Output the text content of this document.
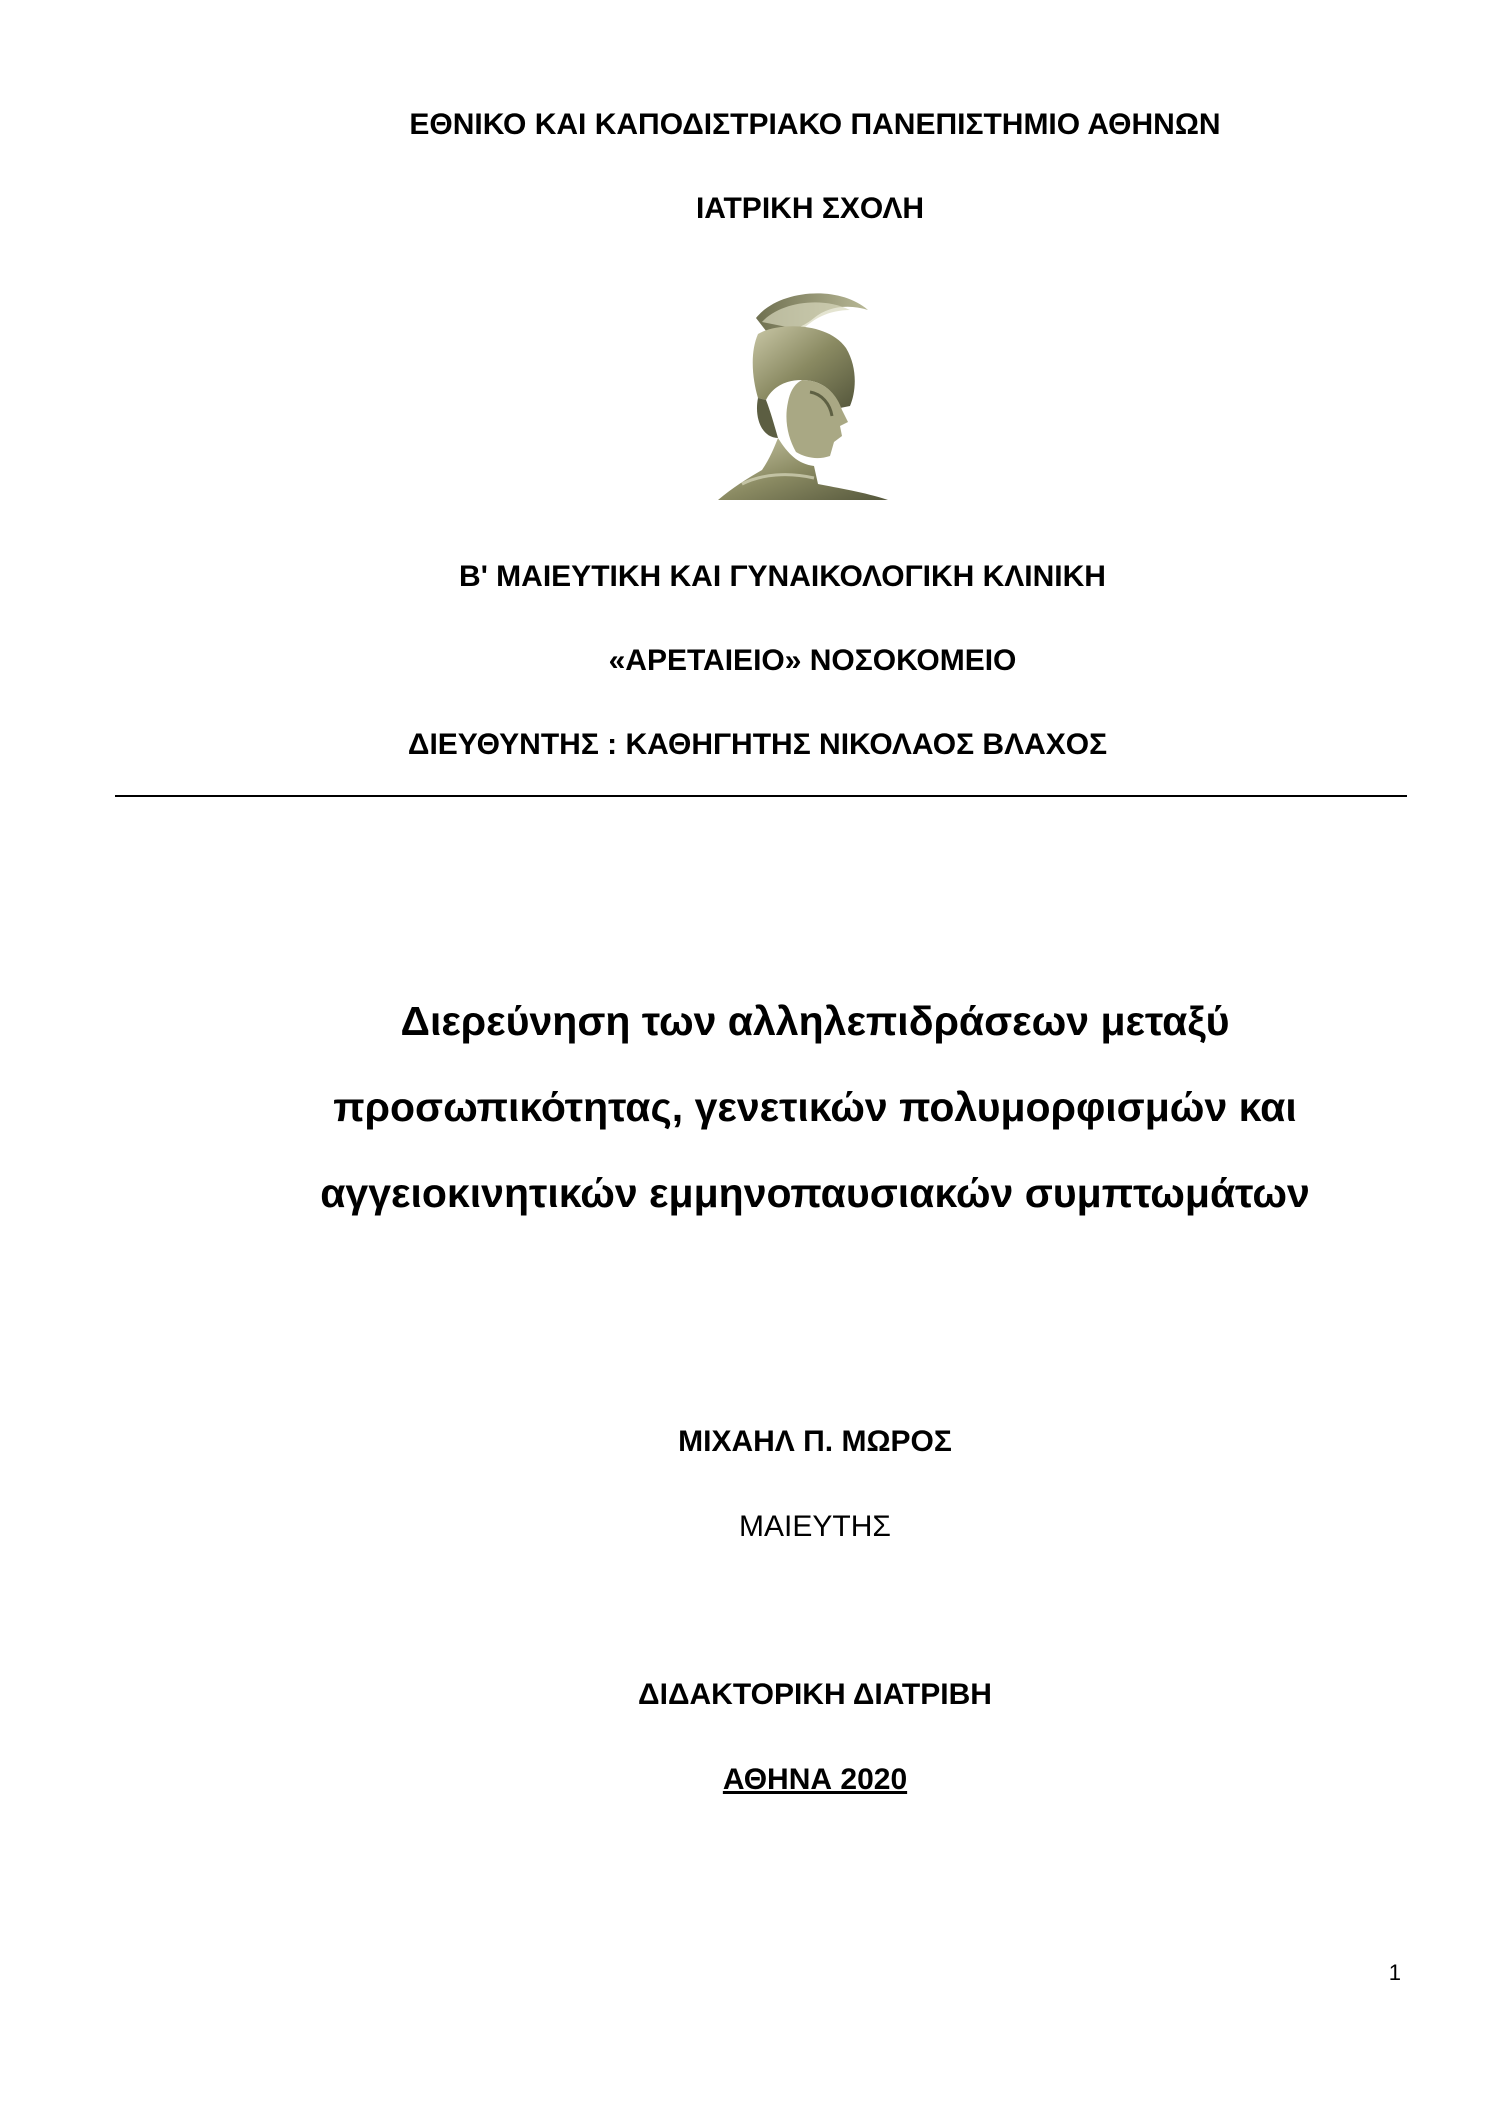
ΕΘΝΙΚΟ ΚΑΙ ΚΑΠΟΔΙΣΤΡΙΑΚΟ ΠΑΝΕΠΙΣΤΗΜΙΟ ΑΘΗΝΩΝ
ΙΑΤΡΙΚΗ ΣΧΟΛΗ
Β' ΜΑΙΕΥΤΙΚΗ ΚΑΙ ΓΥΝΑΙΚΟΛΟΓΙΚΗ ΚΛΙΝΙΚΗ
«ΑΡΕΤΑΙΕΙΟ» ΝΟΣΟΚΟΜΕΙΟ
ΔΙΕΥΘΥΝΤΗΣ : ΚΑΘΗΓΗΤΗΣ ΝΙΚΟΛΑΟΣ ΒΛΑΧΟΣ
Διερεύνηση των αλληλεπιδράσεων μεταξύ
προσωπικότητας, γενετικών πολυμορφισμών και
αγγειοκινητικών εμμηνοπαυσιακών συμπτωμάτων
ΜΙΧΑΗΛ Π. ΜΩΡΟΣ
ΜΑΙΕΥΤΗΣ
ΔΙΔΑΚΤΟΡΙΚΗ ΔΙΑΤΡΙΒΗ
ΑΘΗΝΑ 2020
1
